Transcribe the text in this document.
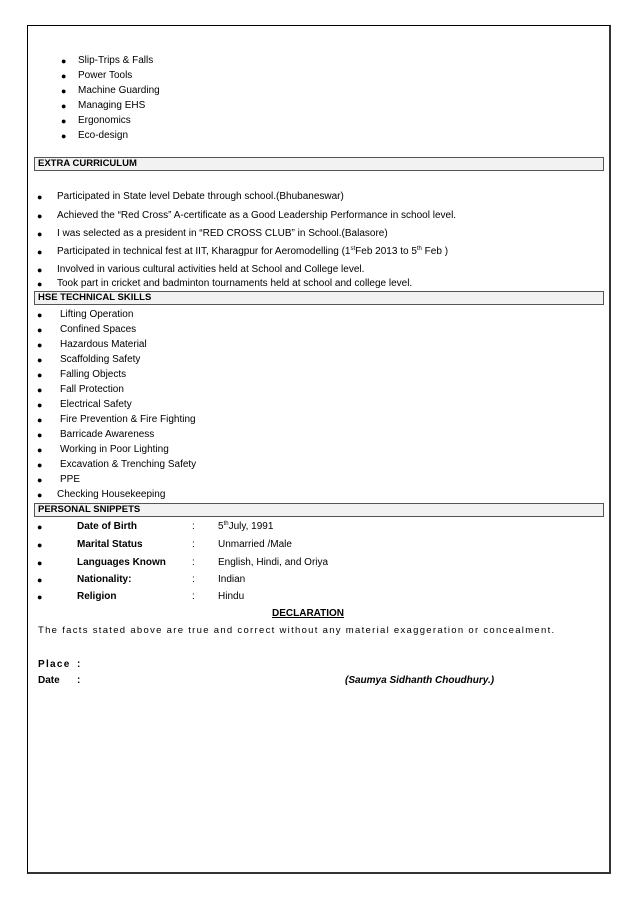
● Slip-Trips & Falls
● Power Tools
● Machine Guarding
● Managing EHS
● Ergonomics
● Eco-design
EXTRA CURRICULUM
● Participated in State level Debate through school.(Bhubaneswar)
● Achieved the “Red Cross” A-certificate as a Good Leadership Performance in school level.
● I was selected as a president in “RED CROSS CLUB” in School.(Balasore)
● Participated in technical fest at IIT, Kharagpur for Aeromodelling (1stFeb 2013 to 5th Feb )
● Involved in various cultural activities held at School and College level.
● Took part in cricket and badminton tournaments held at school and college level.
HSE TECHNICAL SKILLS
● Lifting Operation
● Confined Spaces
● Hazardous Material
● Scaffolding Safety
● Falling Objects
● Fall Protection
● Electrical Safety
● Fire Prevention & Fire Fighting
● Barricade Awareness
● Working in Poor Lighting
● Excavation & Trenching Safety
● PPE
● Checking Housekeeping
PERSONAL SNIPPETS
●	Date of Birth	: 5thJuly, 1991
●	Marital Status	: Unmarried /Male
●	Languages Known	: English, Hindi, and Oriya
●	Nationality:	: Indian
●	Religion	: Hindu
DECLARATION
The facts stated above are true and correct without any material exaggeration or concealment.
Place :
Date :	(Saumya Sidhanth Choudhury.)
